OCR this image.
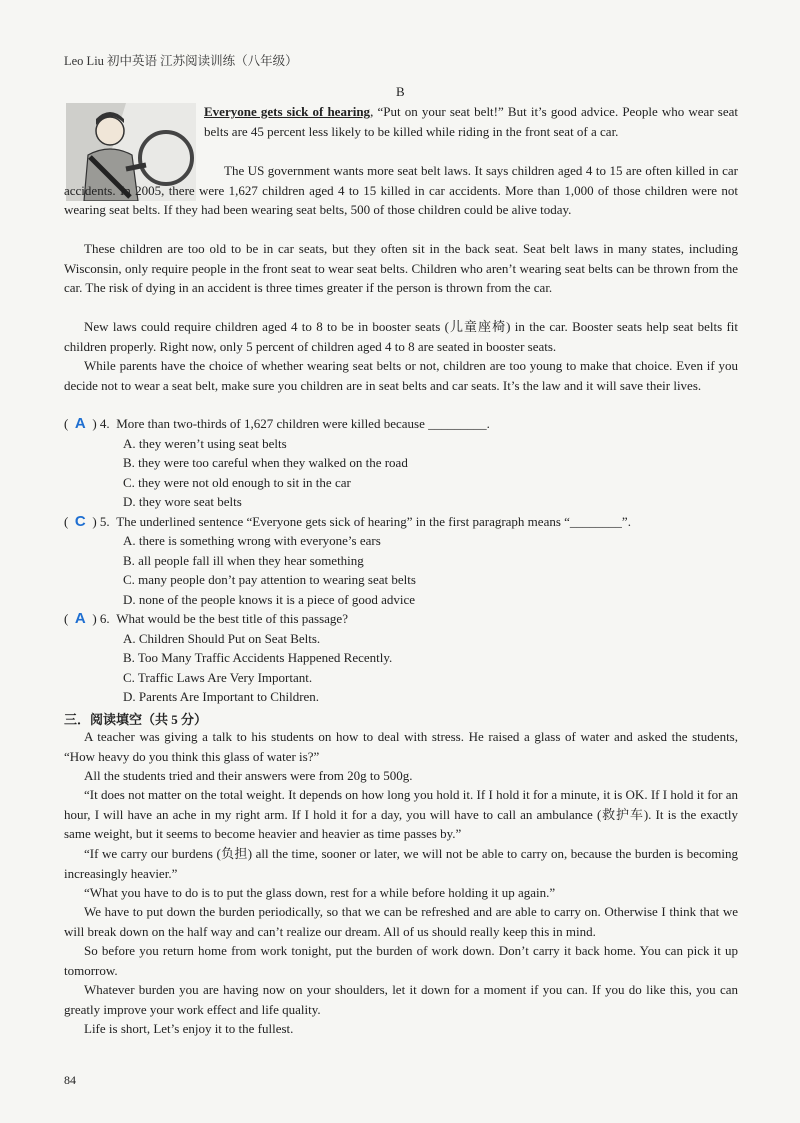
Leo Liu 初中英语 江苏阅读训练（八年级）
B

Everyone gets sick of hearing, “Put on your seat belt!” But it’s good advice. People who wear seat belts are 45 percent less likely to be killed while riding in the front seat of a car.

The US government wants more seat belt laws. It says children aged 4 to 15 are often killed in car accidents. In 2005, there were 1,627 children aged 4 to 15 killed in car accidents. More than 1,000 of those children were not wearing seat belts. If they had been wearing seat belts, 500 of those children could be alive today.

These children are too old to be in car seats, but they often sit in the back seat. Seat belt laws in many states, including Wisconsin, only require people in the front seat to wear seat belts. Children who aren’t wearing seat belts can be thrown from the car. The risk of dying in an accident is three times greater if the person is thrown from the car.

New laws could require children aged 4 to 8 to be in booster seats (儿童座椅) in the car. Booster seats help seat belts fit children properly. Right now, only 5 percent of children aged 4 to 8 are seated in booster seats.

While parents have the choice of whether wearing seat belts or not, children are too young to make that choice. Even if you decide not to wear a seat belt, make sure you children are in seat belts and car seats. It’s the law and it will save their lives.

( A ) 4. More than two-thirds of 1,627 children were killed because _________.
A. they weren’t using seat belts
B. they were too careful when they walked on the road
C. they were not old enough to sit in the car
D. they wore seat belts
( C ) 5. The underlined sentence “Everyone gets sick of hearing” in the first paragraph means “________”.
A. there is something wrong with everyone’s ears
B. all people fall ill when they hear something
C. many people don’t pay attention to wearing seat belts
D. none of the people knows it is a piece of good advice
( A ) 6. What would be the best title of this passage?
A. Children Should Put on Seat Belts.
B. Too Many Traffic Accidents Happened Recently.
C. Traffic Laws Are Very Important.
D. Parents Are Important to Children.
三．阅读填空（共 5 分）

A teacher was giving a talk to his students on how to deal with stress. He raised a glass of water and asked the students, “How heavy do you think this glass of water is?”

All the students tried and their answers were from 20g to 500g.

“It does not matter on the total weight. It depends on how long you hold it. If I hold it for a minute, it is OK. If I hold it for an hour, I will have an ache in my right arm. If I hold it for a day, you will have to call an ambulance (救护车). It is the exactly same weight, but it seems to become heavier and heavier as time passes by.”

“If we carry our burdens (负担) all the time, sooner or later, we will not be able to carry on, because the burden is becoming increasingly heavier.”

“What you have to do is to put the glass down, rest for a while before holding it up again.”

We have to put down the burden periodically, so that we can be refreshed and are able to carry on. Otherwise I think that we will break down on the half way and can’t realize our dream. All of us should really keep this in mind.

So before you return home from work tonight, put the burden of work down. Don’t carry it back home. You can pick it up tomorrow.

Whatever burden you are having now on your shoulders, let it down for a moment if you can. If you do like this, you can greatly improve your work effect and life quality.

Life is short, Let’s enjoy it to the fullest.

84
